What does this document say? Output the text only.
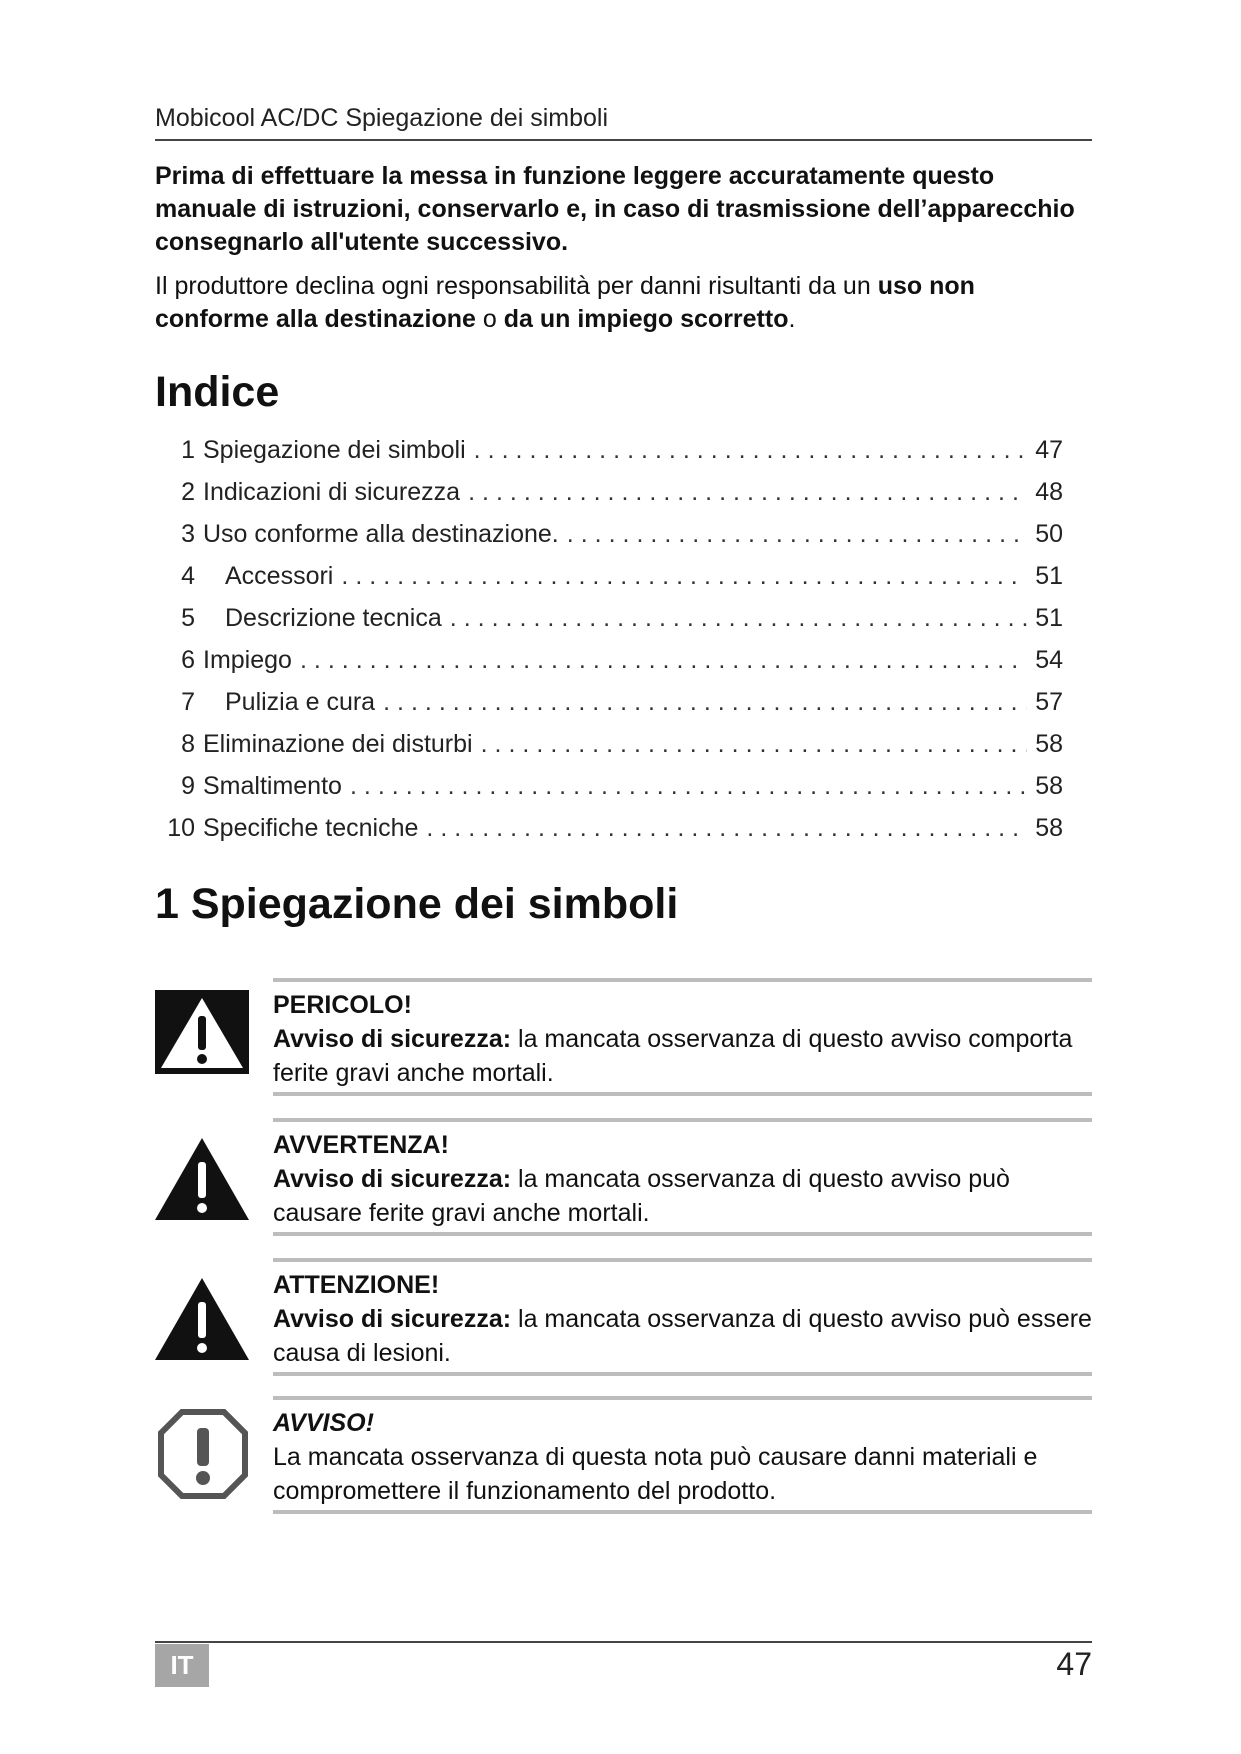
Mobicool AC/DC Spiegazione dei simboli

Prima di effettuare la messa in funzione leggere accuratamente questo manuale di istruzioni, conservarlo e, in caso di trasmissione dell’apparecchio consegnarlo all'utente successivo.

Il produttore declina ogni responsabilità per danni risultanti da un uso non conforme alla destinazione o da un impiego scorretto.

Indice
1 Spiegazione dei simboli .....	47
2 Indicazioni di sicurezza .....	48
3 Uso conforme alla destinazione. .....	50
4 Accessori .....	51
5 Descrizione tecnica .....	51
6 Impiego .....	54
7 Pulizia e cura .....	57
8 Eliminazione dei disturbi .....	58
9 Smaltimento .....	58
10 Specifiche tecniche .....	58
1 Spiegazione dei simboli
PERICOLO!
Avviso di sicurezza: la mancata osservanza di questo avviso comporta ferite gravi anche mortali.
AVVERTENZA!
Avviso di sicurezza: la mancata osservanza di questo avviso può causare ferite gravi anche mortali.
ATTENZIONE!
Avviso di sicurezza: la mancata osservanza di questo avviso può essere causa di lesioni.
AVVISO!
La mancata osservanza di questa nota può causare danni materiali e compromettere il funzionamento del prodotto.
IT	47
